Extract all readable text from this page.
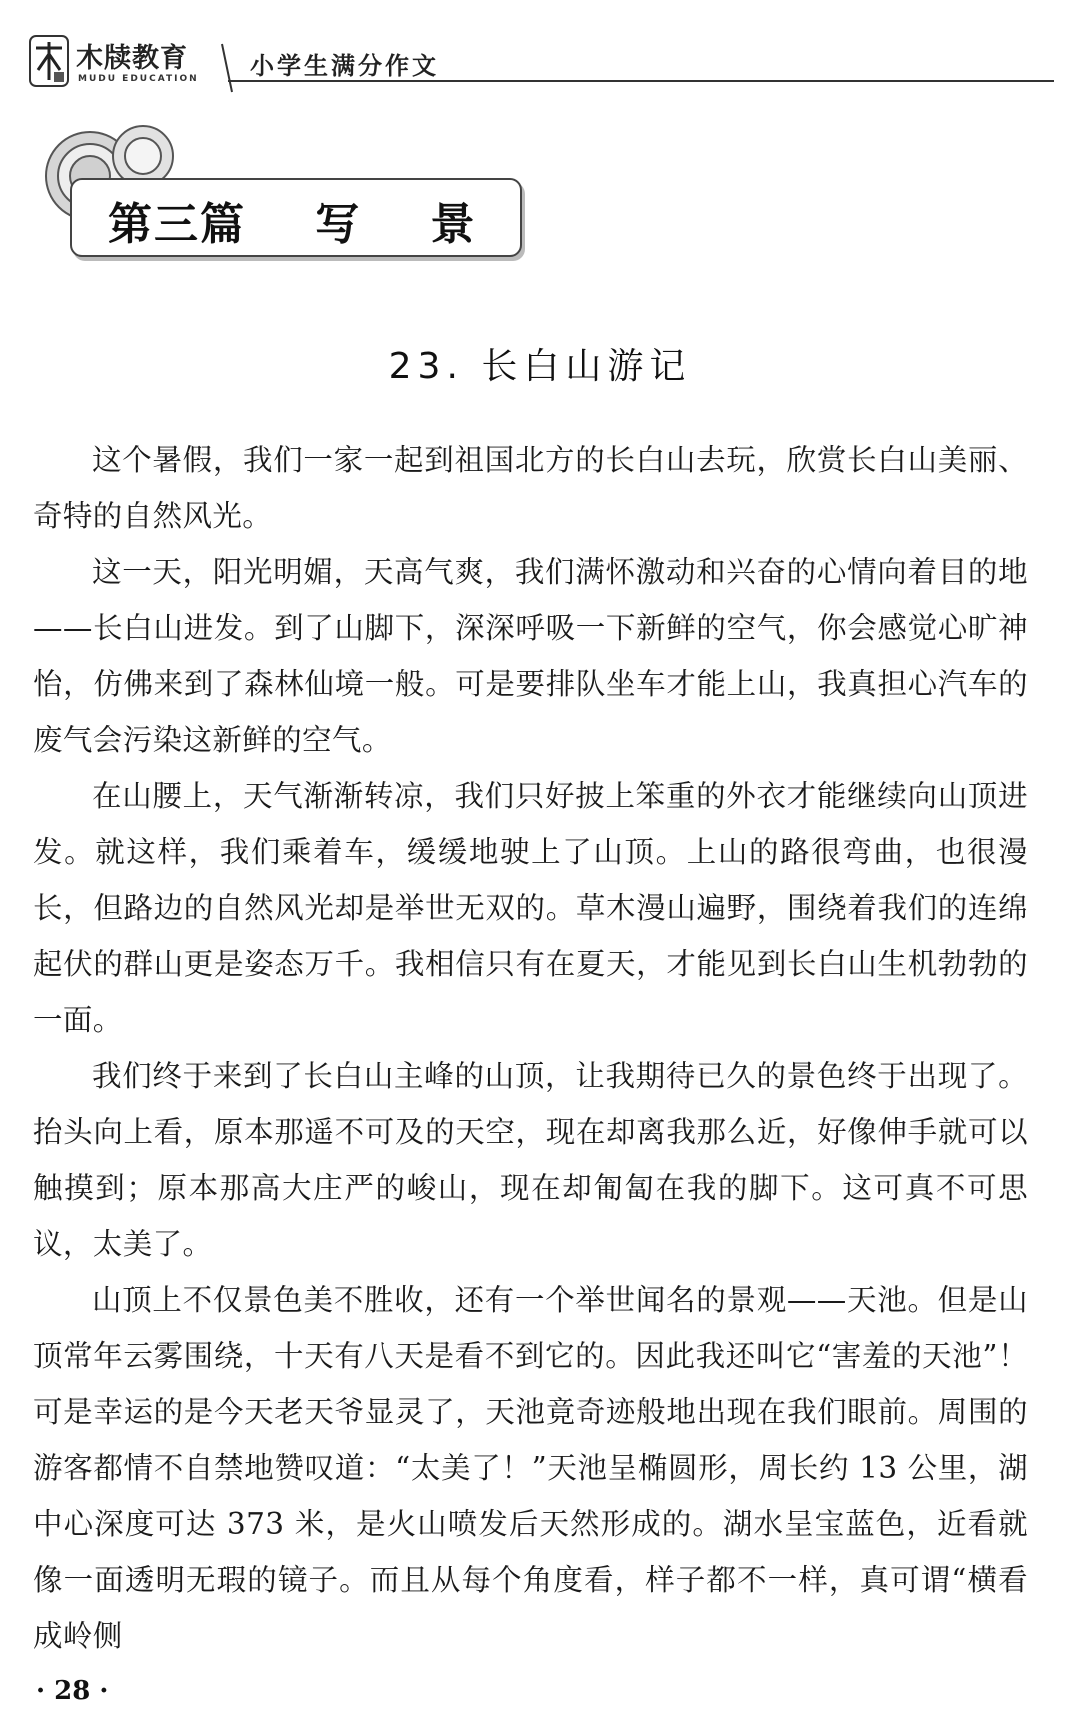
木牍教育
MUDU EDUCATION 小学生满分作文
第三篇    写    景
23. 长白山游记

这个暑假，我们一家一起到祖国北方的长白山去玩，欣赏长白山美丽、奇特的自然风光。

这一天，阳光明媚，天高气爽，我们满怀激动和兴奋的心情向着目的地——长白山进发。到了山脚下，深深呼吸一下新鲜的空气，你会感觉心旷神怡，仿佛来到了森林仙境一般。可是要排队坐车才能上山，我真担心汽车的废气会污染这新鲜的空气。

在山腰上，天气渐渐转凉，我们只好披上笨重的外衣才能继续向山顶进发。就这样，我们乘着车，缓缓地驶上了山顶。上山的路很弯曲，也很漫长，但路边的自然风光却是举世无双的。草木漫山遍野，围绕着我们的连绵起伏的群山更是姿态万千。我相信只有在夏天，才能见到长白山生机勃勃的一面。

我们终于来到了长白山主峰的山顶，让我期待已久的景色终于出现了。抬头向上看，原本那遥不可及的天空，现在却离我那么近，好像伸手就可以触摸到；原本那高大庄严的峻山，现在却匍匐在我的脚下。这可真不可思议，太美了。

山顶上不仅景色美不胜收，还有一个举世闻名的景观——天池。但是山顶常年云雾围绕，十天有八天是看不到它的。因此我还叫它“害羞的天池”！可是幸运的是今天老天爷显灵了，天池竟奇迹般地出现在我们眼前。周围的游客都情不自禁地赞叹道：“太美了！”天池呈椭圆形，周长约 13 公里，湖中心深度可达 373 米，是火山喷发后天然形成的。湖水呈宝蓝色，近看就像一面透明无瑕的镜子。而且从每个角度看，样子都不一样，真可谓“横看成岭侧

· 28 ·
